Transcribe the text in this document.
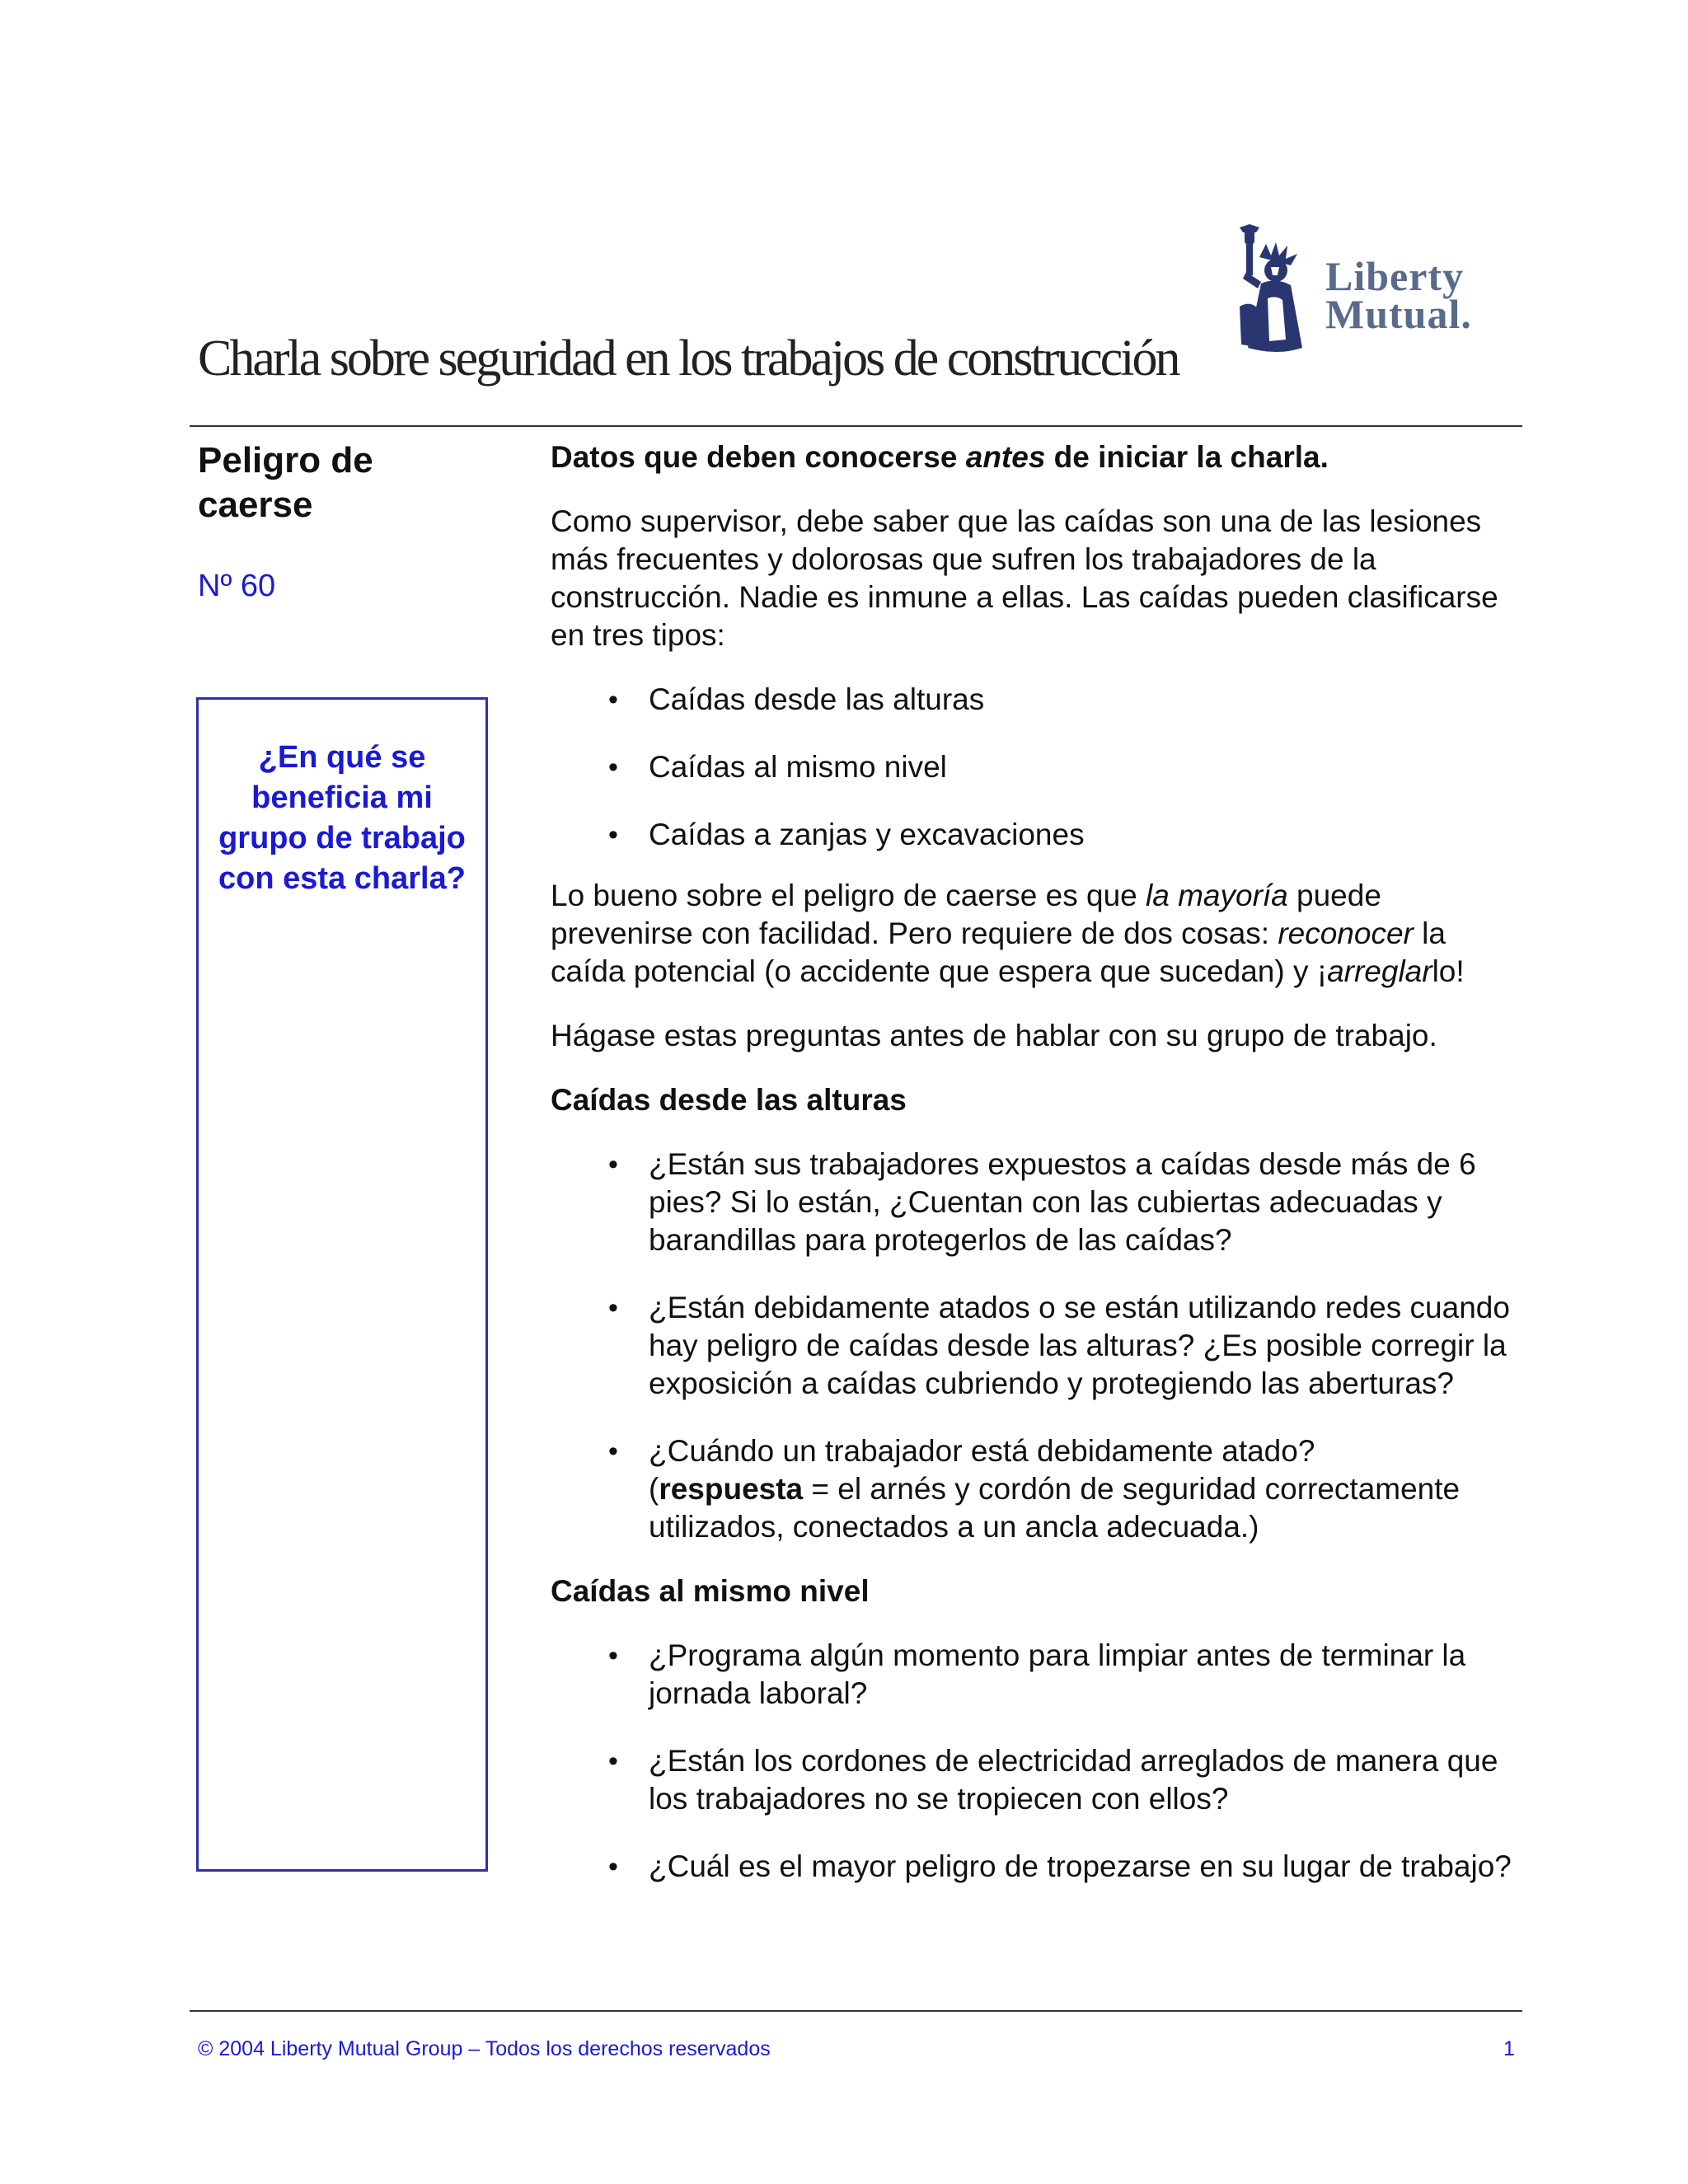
Liberty
Mutual.
Charla sobre seguridad en los trabajos de construcción
Peligro de caerse
Nº 60
¿En qué se beneficia mi grupo de trabajo con esta charla?
Datos que deben conocerse antes de iniciar la charla.

Como supervisor, debe saber que las caídas son una de las lesiones más frecuentes y dolorosas que sufren los trabajadores de la construcción. Nadie es inmune a ellas. Las caídas pueden clasificarse en tres tipos:

• Caídas desde las alturas
• Caídas al mismo nivel
• Caídas a zanjas y excavaciones

Lo bueno sobre el peligro de caerse es que la mayoría puede prevenirse con facilidad. Pero requiere de dos cosas: reconocer la caída potencial (o accidente que espera que sucedan) y ¡arreglarlo!

Hágase estas preguntas antes de hablar con su grupo de trabajo.

Caídas desde las alturas
• ¿Están sus trabajadores expuestos a caídas desde más de 6 pies? Si lo están, ¿Cuentan con las cubiertas adecuadas y barandillas para protegerlos de las caídas?
• ¿Están debidamente atados o se están utilizando redes cuando hay peligro de caídas desde las alturas? ¿Es posible corregir la exposición a caídas cubriendo y protegiendo las aberturas?
• ¿Cuándo un trabajador está debidamente atado?
(respuesta = el arnés y cordón de seguridad correctamente utilizados, conectados a un ancla adecuada.)
Caídas al mismo nivel
• ¿Programa algún momento para limpiar antes de terminar la jornada laboral?
• ¿Están los cordones de electricidad arreglados de manera que los trabajadores no se tropiecen con ellos?
• ¿Cuál es el mayor peligro de tropezarse en su lugar de trabajo?
© 2004 Liberty Mutual Group – Todos los derechos reservados	1
